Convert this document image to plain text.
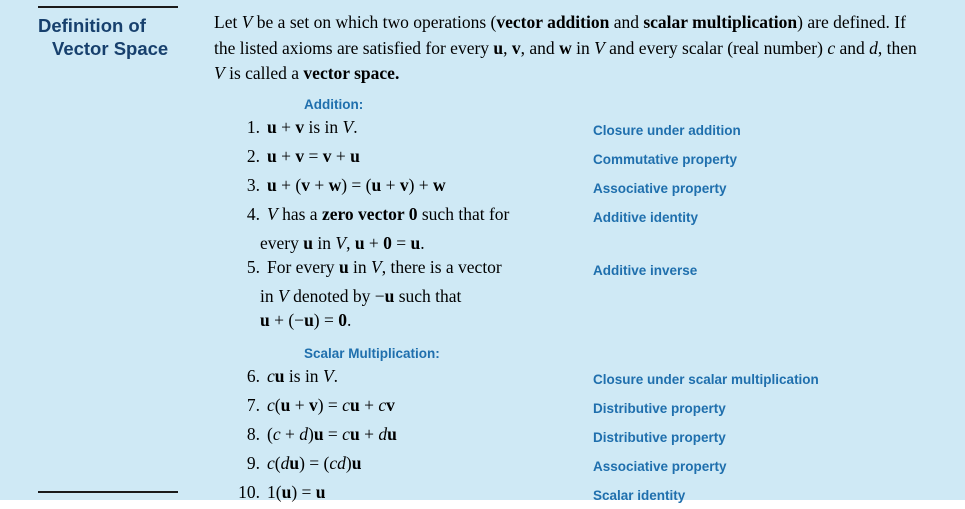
Definition of
Vector Space

Let V be a set on which two operations (vector addition and scalar multiplication) are defined. If the listed axioms are satisfied for every u, v, and w in V and every scalar (real number) c and d, then V is called a vector space.

Addition:
1. u + v is in V.	Closure under addition
2. u + v = v + u	Commutative property
3. u + (v + w) = (u + v) + w	Associative property
4. V has a zero vector 0 such that for	Additive identity
every u in V, u + 0 = u.
5. For every u in V, there is a vector	Additive inverse
in V denoted by −u such that
u + (−u) = 0.
Scalar Multiplication:
6. cu is in V.	Closure under scalar multiplication
7. c(u + v) = cu + cv	Distributive property
8. (c + d)u = cu + du	Distributive property
9. c(du) = (cd)u	Associative property
10. 1(u) = u	Scalar identity
